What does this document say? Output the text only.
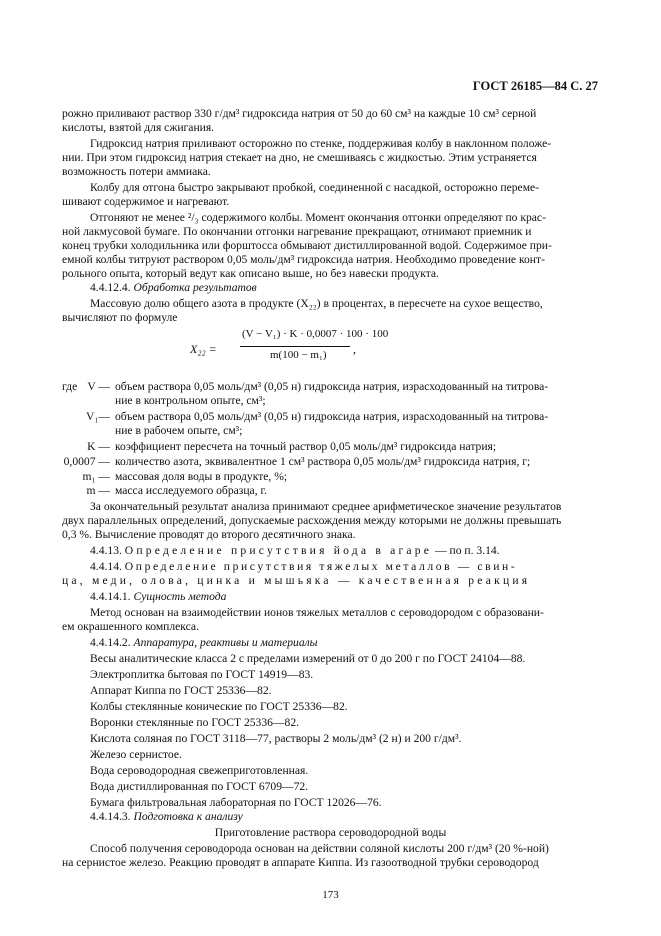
ГОСТ 26185—84 С. 27
рожно приливают раствор 330 г/дм³ гидроксида натрия от 50 до 60 см³ на каждые 10 см³ серной
кислоты, взятой для сжигания.
Гидроксид натрия приливают осторожно по стенке, поддерживая колбу в наклонном положе-
нии. При этом гидроксид натрия стекает на дно, не смешиваясь с жидкостью. Этим устраняется
возможность потери аммиака.
Колбу для отгона быстро закрывают пробкой, соединенной с насадкой, осторожно переме-
шивают содержимое и нагревают.
Отгоняют не менее ²/₃ содержимого колбы. Момент окончания отгонки определяют по крас-
ной лакмусовой бумаге. По окончании отгонки нагревание прекращают, отнимают приемник и
конец трубки холодильника или форштосса обмывают дистиллированной водой. Содержимое при-
емной колбы титруют раствором 0,05 моль/дм³ гидроксида натрия. Необходимо проведение конт-
рольного опыта, который ведут как описано выше, но без навески продукта.
4.4.12.4. Обработка результатов
Массовую долю общего азота в продукте (X₂₂) в процентах, в пересчете на сухое вещество,
вычисляют по формуле
X₂₂ =
(V − V₁) · K · 0,0007 · 100 · 100
m(100 − m₁) ,
где V — объем раствора 0,05 моль/дм³ (0,05 н) гидроксида натрия, израсходованный на титрова-
ние в контрольном опыте, см³;
V₁— объем раствора 0,05 моль/дм³ (0,05 н) гидроксида натрия, израсходованный на титрова-
ние в рабочем опыте, см³;
K — коэффициент пересчета на точный раствор 0,05 моль/дм³ гидроксида натрия;
0,0007 — количество азота, эквивалентное 1 см³ раствора 0,05 моль/дм³ гидроксида натрия, г;
m₁ — массовая доля воды в продукте, %;
m — масса исследуемого образца, г.
За окончательный результат анализа принимают среднее арифметическое значение результатов
двух параллельных определений, допускаемые расхождения между которыми не должны превышать
0,3 %. Вычисление проводят до второго десятичного знака.
4.4.13. Определение присутствия йода в агаре — по п. 3.14.
4.4.14. Определение присутствия тяжелых металлов — свин-
ца, меди, олова, цинка и мышьяка — качественная реакция
4.4.14.1. Сущность метода
Метод основан на взаимодействии ионов тяжелых металлов с сероводородом с образовани-
ем окрашенного комплекса.
4.4.14.2. Аппаратура, реактивы и материалы
Весы аналитические класса 2 с пределами измерений от 0 до 200 г по ГОСТ 24104—88.
Электроплитка бытовая по ГОСТ 14919—83.
Аппарат Киппа по ГОСТ 25336—82.
Колбы стеклянные конические по ГОСТ 25336—82.
Воронки стеклянные по ГОСТ 25336—82.
Кислота соляная по ГОСТ 3118—77, растворы 2 моль/дм³ (2 н) и 200 г/дм³.
Железо сернистое.
Вода сероводородная свежеприготовленная.
Вода дистиллированная по ГОСТ 6709—72.
Бумага фильтровальная лабораторная по ГОСТ 12026—76.
4.4.14.3. Подготовка к анализу
Приготовление раствора сероводородной воды
Способ получения сероводорода основан на действии соляной кислоты 200 г/дм³ (20 %-ной)
на сернистое железо. Реакцию проводят в аппарате Киппа. Из газоотводной трубки сероводород
173
